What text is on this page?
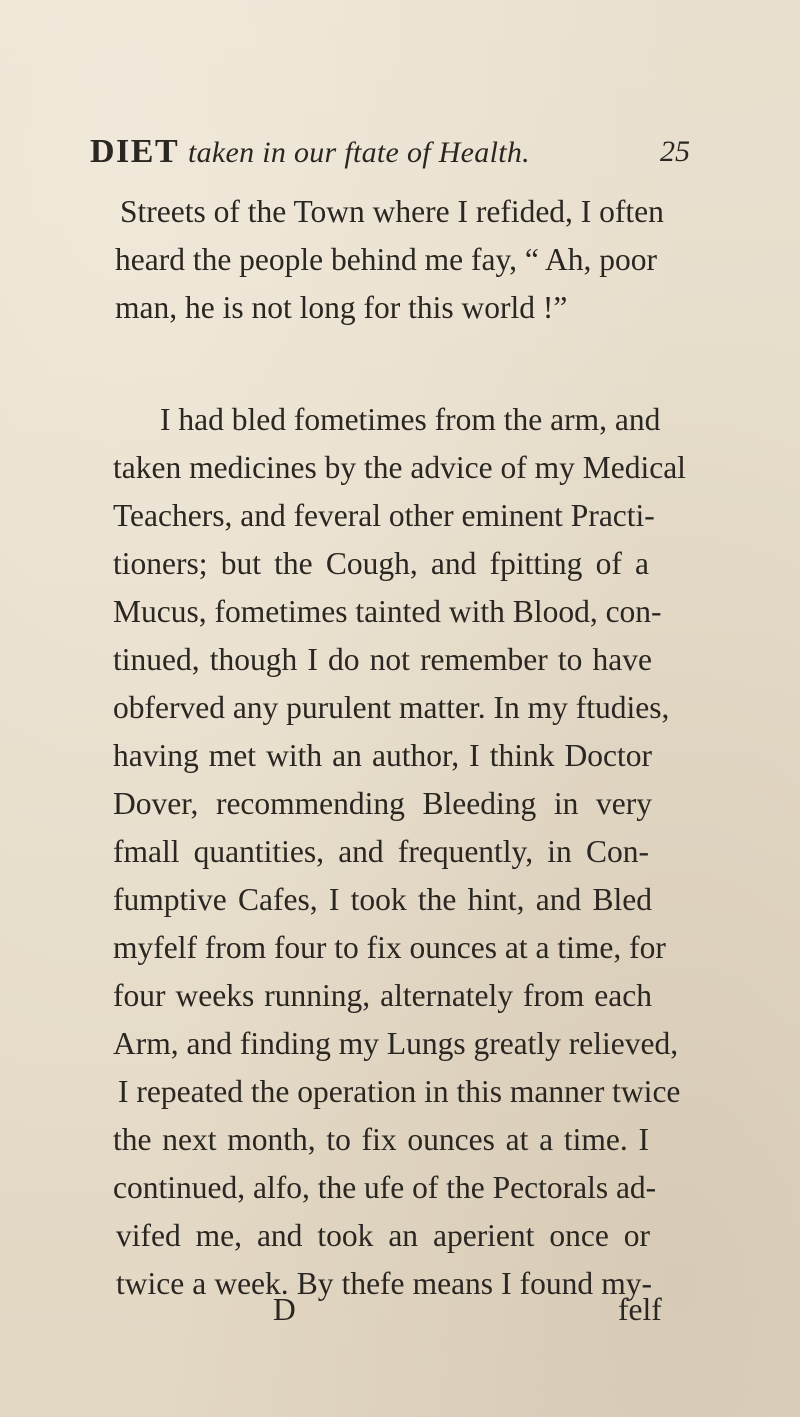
DIET taken in our ftate of Health.	25
Streets of the Town where I refided, I often
heard the people behind me fay, “ Ah, poor
man, he is not long for this world !”
I had bled fometimes from the arm, and
taken medicines by the advice of my Medical
Teachers, and feveral other eminent Practi-
tioners; but the Cough, and fpitting of a
Mucus, fometimes tainted with Blood, con-
tinued, though I do not remember to have
obferved any purulent matter. In my ftudies,
having met with an author, I think Doctor
Dover, recommending Bleeding in very
fmall quantities, and frequently, in Con-
fumptive Cafes, I took the hint, and Bled
myfelf from four to fix ounces at a time, for
four weeks running, alternately from each
Arm, and finding my Lungs greatly relieved,
I repeated the operation in this manner twice
the next month, to fix ounces at a time. I
continued, alfo, the ufe of the Pectorals ad-
vifed me, and took an aperient once or
twice a week. By thefe means I found my-
D	felf
